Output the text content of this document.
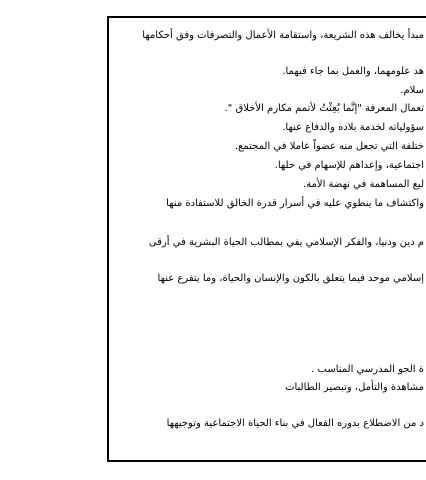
مبدأ يخالف هذه الشريعة، واستقامة الأعمال والتصرفات وفق أحكامها

هد علومهما، والعمل بما جاء فيهما.

سلام.

تعمال المعرفة "إنَّما بُعِثْتُ لأتمم مكارم الأخلاق ".

سؤولياته لخدمة بلاده والدفاع عنها.

ختلفة التي تجعل منه عضواً عاملا في المجتمع.

اجتماعية، وإعداهم للإسهام في حلها.

ليع المساهمة في نهضة الأمة.

واكتشاف ما ينطوي عليه في أسرار قدرة الخالق للاستفادة منها

م دين ودنيا، والفكر الإسلامي يفي بمطالب الحياة البشرية في أرقى

إسلامي موحد فيما يتعلق بالكون والإنسان والحياة، وما يتفرع عنها

ة الجو المدرسي المناسب .

مشاهدة والتأمل، وتبصير الطالبات

د من الاضطلاع بدوره الفعال في بناء الحياة الاجتماعية وتوجيهها
